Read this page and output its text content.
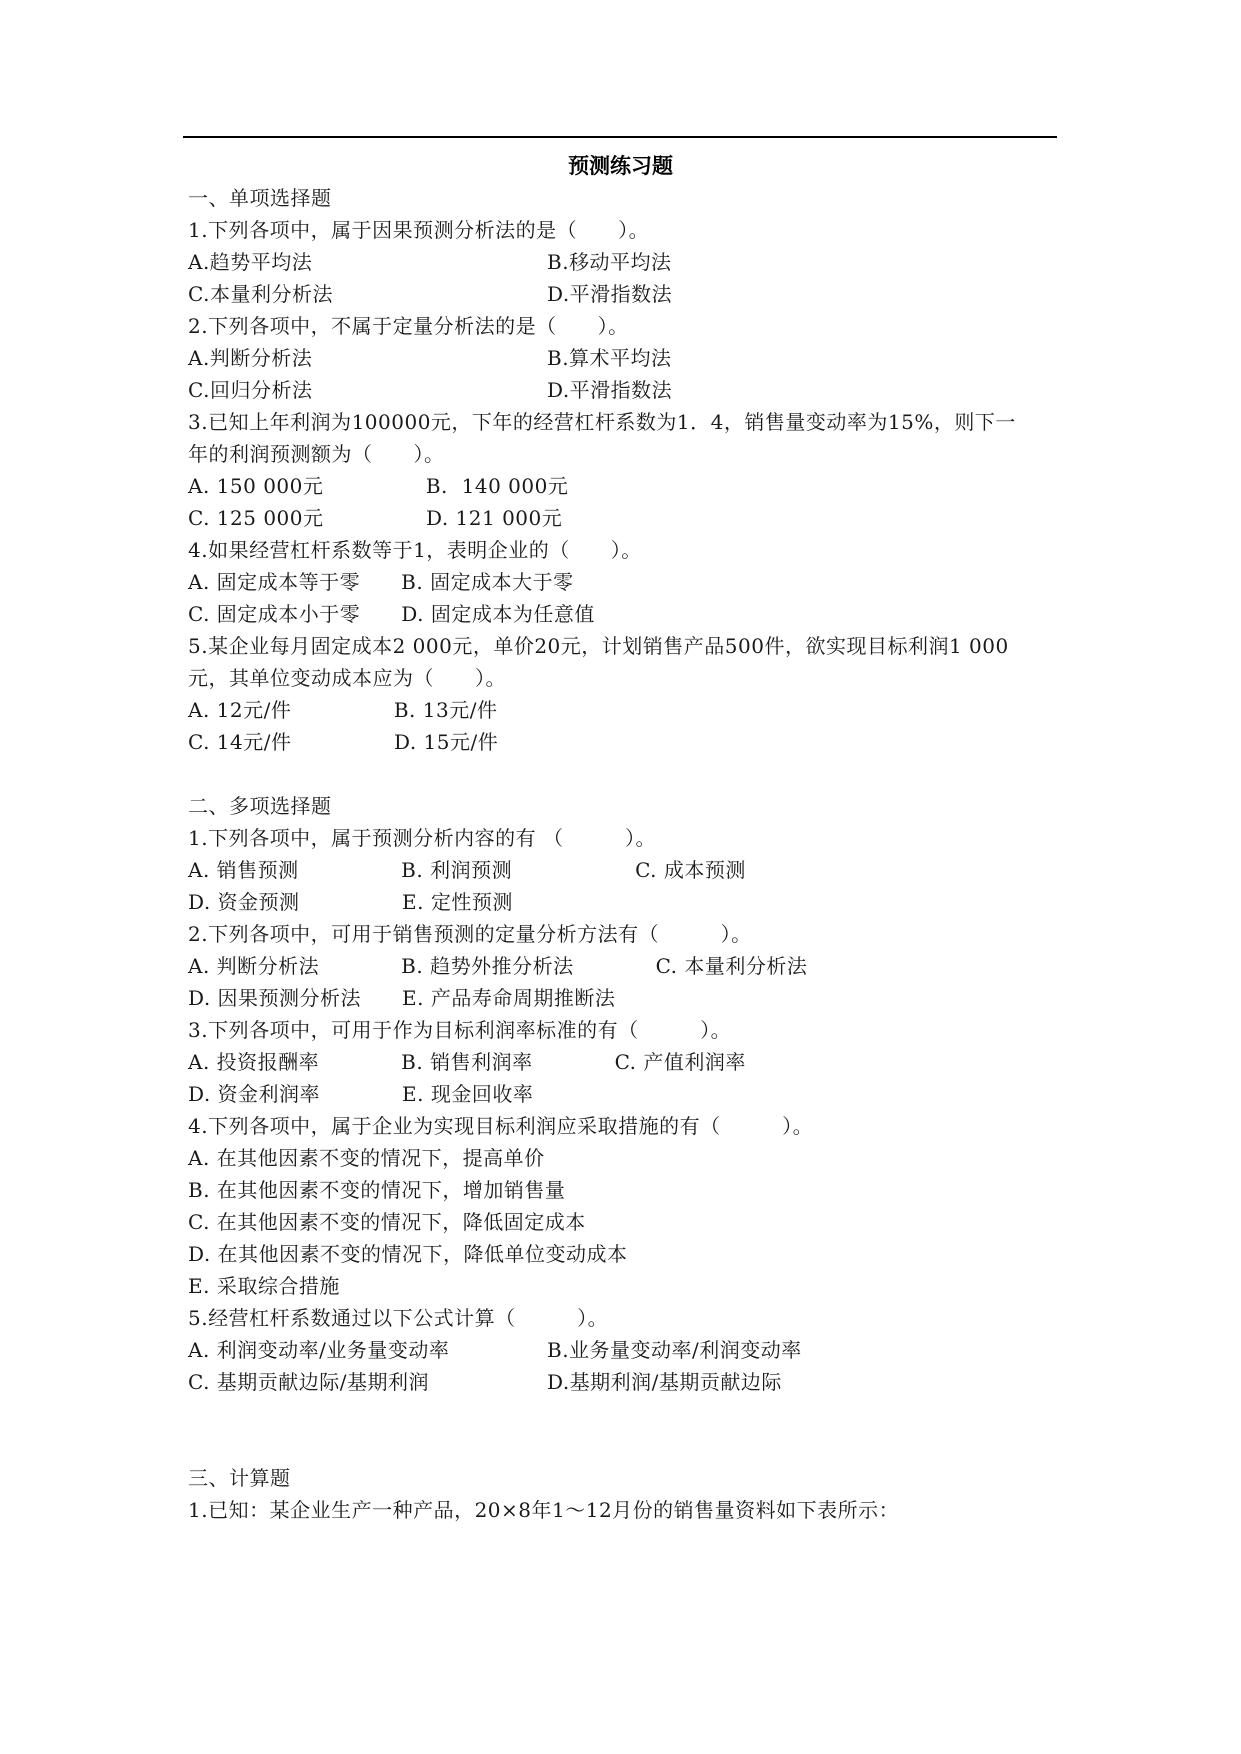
预测练习题
一、单项选择题
1.下列各项中，属于因果预测分析法的是（　　）。
A.趋势平均法	B.移动平均法
C.本量利分析法	D.平滑指数法
2.下列各项中，不属于定量分析法的是（　　）。
A.判断分析法	B.算术平均法
C.回归分析法	D.平滑指数法
3.已知上年利润为100000元，下年的经营杠杆系数为1．4，销售量变动率为15%，则下一
年的利润预测额为（　　）。
A. 150 000元　　　　　B.  140 000元
C. 125 000元　　　　　D. 121 000元
4.如果经营杠杆系数等于1，表明企业的（　　）。
A. 固定成本等于零　　B. 固定成本大于零
C. 固定成本小于零　　D. 固定成本为任意值
5.某企业每月固定成本2 000元，单价20元，计划销售产品500件，欲实现目标利润1 000
元，其单位变动成本应为（　　）。
A. 12元/件　　　　　B. 13元/件
C. 14元/件　　　　　D. 15元/件
二、多项选择题
1.下列各项中，属于预测分析内容的有 （　　　）。
A. 销售预测　　　　　B. 利润预测　　　　　　C. 成本预测
D. 资金预测　　　　　E. 定性预测
2.下列各项中，可用于销售预测的定量分析方法有（　　　）。
A. 判断分析法　　　　B. 趋势外推分析法　　　　C. 本量利分析法
D. 因果预测分析法　　E. 产品寿命周期推断法
3.下列各项中，可用于作为目标利润率标准的有（　　　）。
A. 投资报酬率　　　　B. 销售利润率　　　　C. 产值利润率
D. 资金利润率　　　　E. 现金回收率
4.下列各项中，属于企业为实现目标利润应采取措施的有（　　　）。
A. 在其他因素不变的情况下，提高单价
B. 在其他因素不变的情况下，增加销售量
C. 在其他因素不变的情况下，降低固定成本
D. 在其他因素不变的情况下，降低单位变动成本
E. 采取综合措施
5.经营杠杆系数通过以下公式计算（　　　）。
A. 利润变动率/业务量变动率	B.业务量变动率/利润变动率
C. 基期贡献边际/基期利润	D.基期利润/基期贡献边际
三、计算题
1.已知：某企业生产一种产品，20×8年1～12月份的销售量资料如下表所示：
